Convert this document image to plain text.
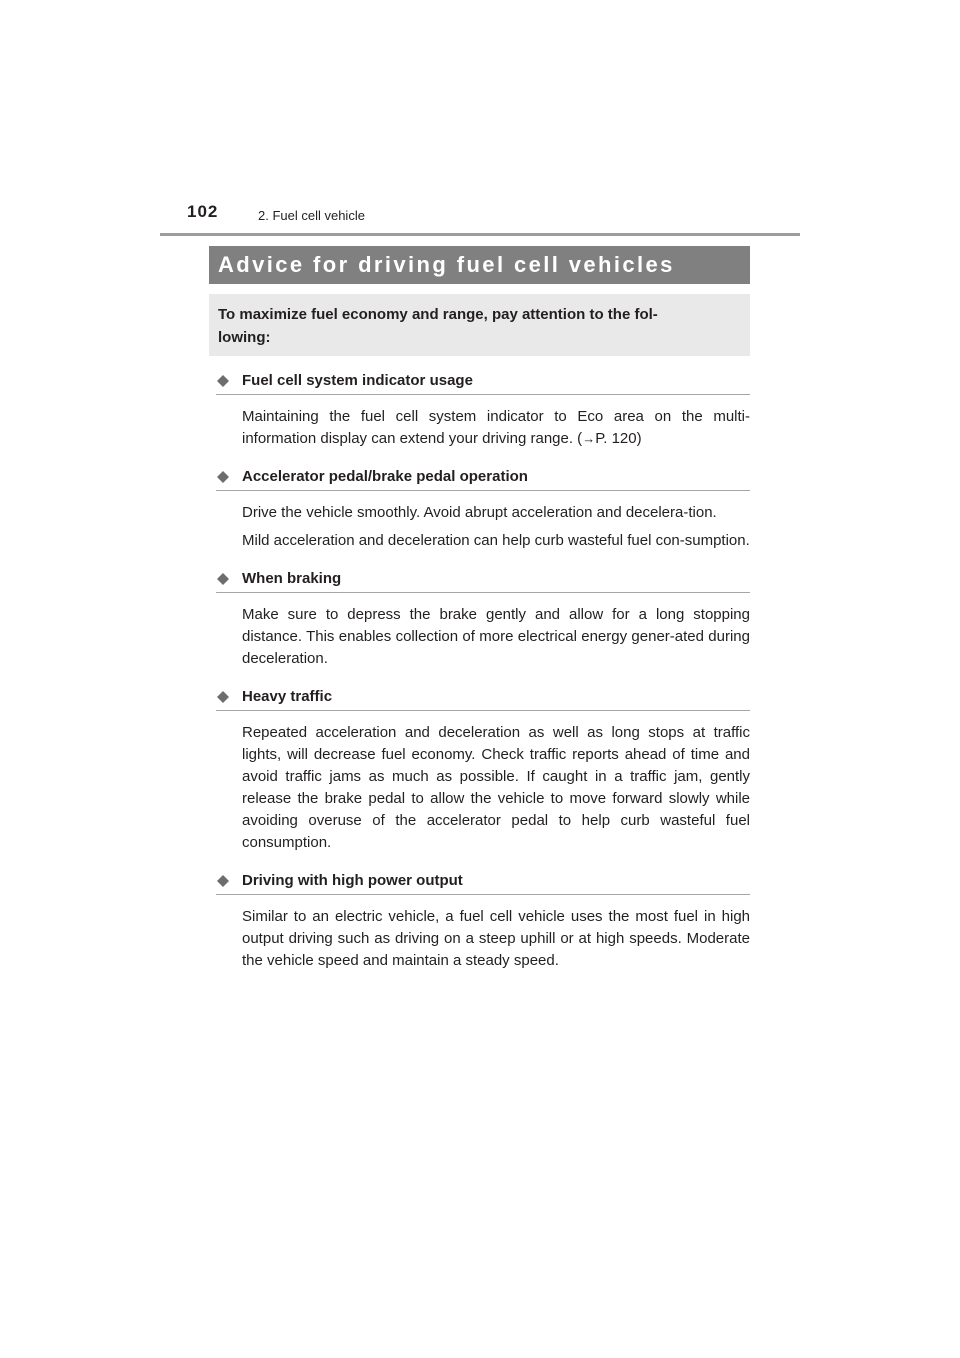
102	2. Fuel cell vehicle
Advice for driving fuel cell vehicles
To maximize fuel economy and range, pay attention to the fol-
lowing:
Fuel cell system indicator usage

Maintaining the fuel cell system indicator to Eco area on the multi-information display can extend your driving range. (→P. 120)

Accelerator pedal/brake pedal operation

Drive the vehicle smoothly. Avoid abrupt acceleration and decelera-tion.

Mild acceleration and deceleration can help curb wasteful fuel con-sumption.

When braking

Make sure to depress the brake gently and allow for a long stopping distance. This enables collection of more electrical energy gener-ated during deceleration.

Heavy traffic

Repeated acceleration and deceleration as well as long stops at traffic lights, will decrease fuel economy. Check traffic reports ahead of time and avoid traffic jams as much as possible. If caught in a traffic jam, gently release the brake pedal to allow the vehicle to move forward slowly while avoiding overuse of the accelerator pedal to help curb wasteful fuel consumption.

Driving with high power output

Similar to an electric vehicle, a fuel cell vehicle uses the most fuel in high output driving such as driving on a steep uphill or at high speeds. Moderate the vehicle speed and maintain a steady speed.
